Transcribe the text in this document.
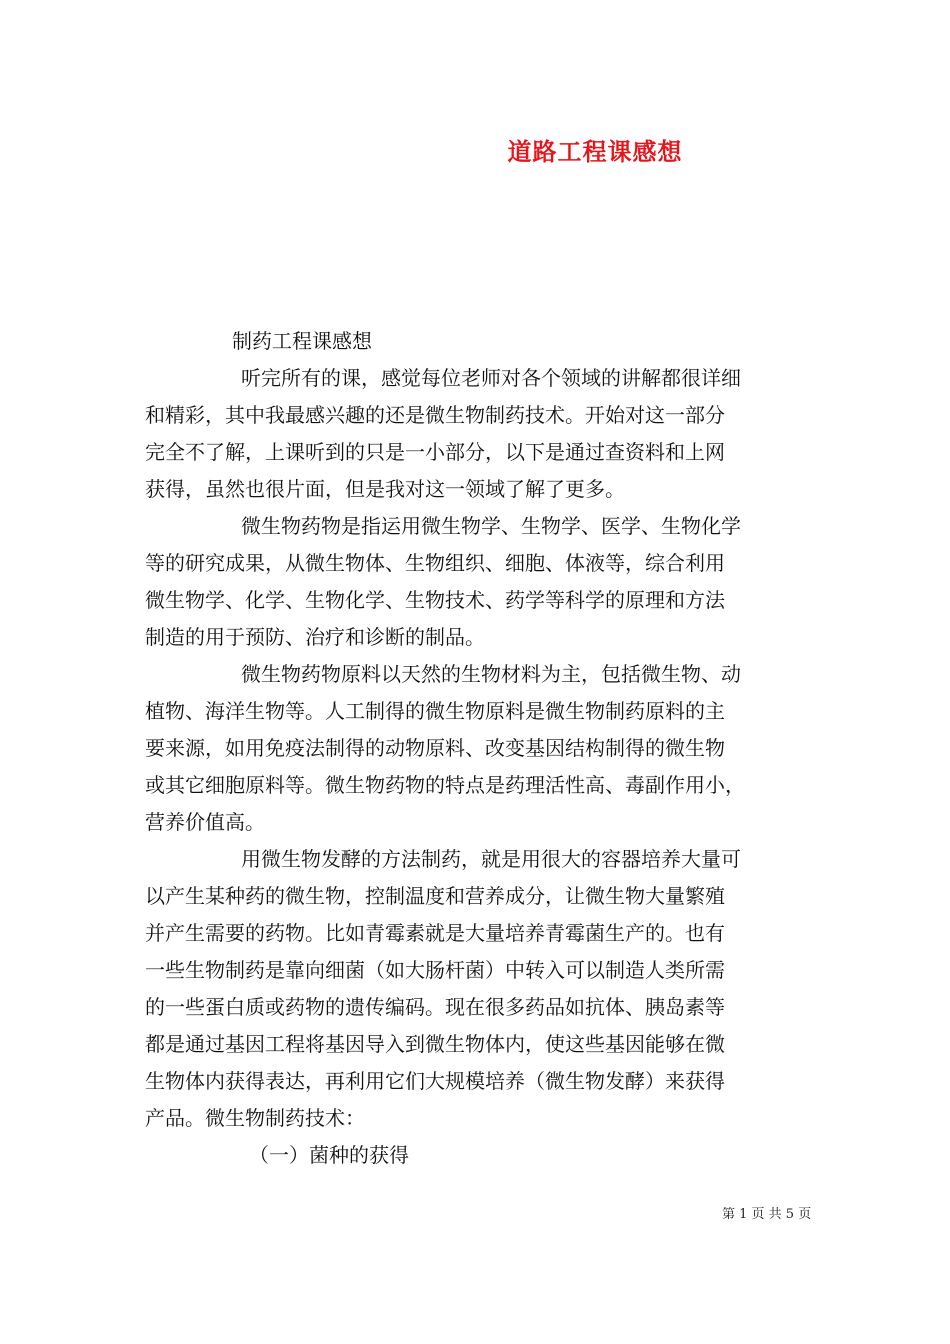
道路工程课感想
制药工程课感想
听完所有的课，感觉每位老师对各个领域的讲解都很详细
和精彩，其中我最感兴趣的还是微生物制药技术。开始对这一部分
完全不了解，上课听到的只是一小部分，以下是通过查资料和上网
获得，虽然也很片面，但是我对这一领域了解了更多。
微生物药物是指运用微生物学、生物学、医学、生物化学
等的研究成果，从微生物体、生物组织、细胞、体液等，综合利用
微生物学、化学、生物化学、生物技术、药学等科学的原理和方法
制造的用于预防、治疗和诊断的制品。
微生物药物原料以天然的生物材料为主，包括微生物、动
植物、海洋生物等。人工制得的微生物原料是微生物制药原料的主
要来源，如用免疫法制得的动物原料、改变基因结构制得的微生物
或其它细胞原料等。微生物药物的特点是药理活性高、毒副作用小，
营养价值高。
用微生物发酵的方法制药，就是用很大的容器培养大量可
以产生某种药的微生物，控制温度和营养成分，让微生物大量繁殖
并产生需要的药物。比如青霉素就是大量培养青霉菌生产的。也有
一些生物制药是靠向细菌（如大肠杆菌）中转入可以制造人类所需
的一些蛋白质或药物的遗传编码。现在很多药品如抗体、胰岛素等
都是通过基因工程将基因导入到微生物体内，使这些基因能够在微
生物体内获得表达，再利用它们大规模培养（微生物发酵）来获得
产品。微生物制药技术：
（一）菌种的获得
第 1 页 共 5 页
